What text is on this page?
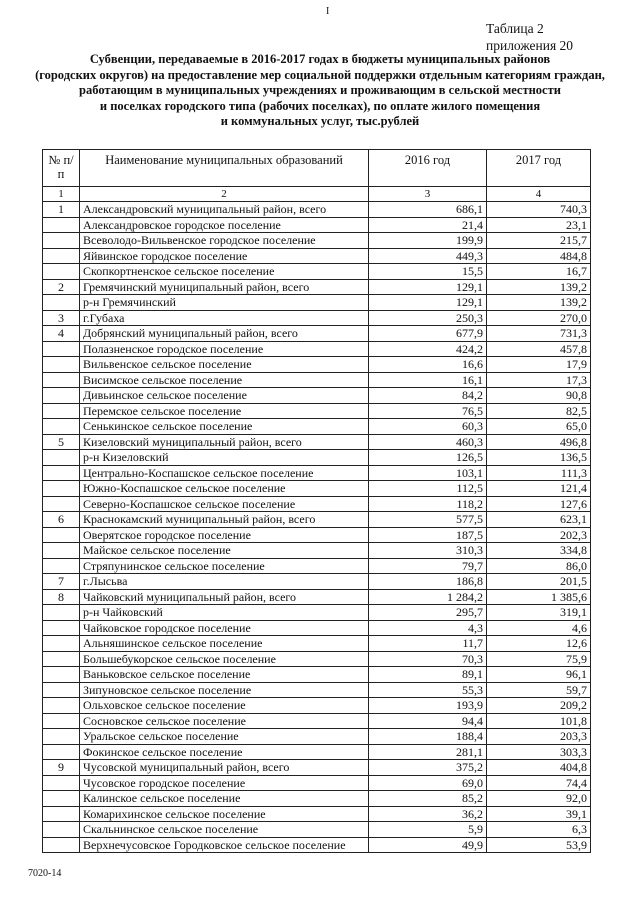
I
Таблица 2
приложения 20
Субвенции, передаваемые в 2016-2017 годах в бюджеты муниципальных районов
(городских округов) на предоставление мер социальной поддержки отдельным категориям граждан,
работающим в муниципальных учреждениях и проживающим в сельской местности
и поселках городского типа (рабочих поселках), по оплате жилого помещения
и коммунальных услуг, тыс.рублей
№ п/п	Наименование муниципальных образований	2016 год	2017 год
1	2	3	4
1	Александровский муниципальный район, всего	686,1	740,3
	Александровское городское поселение	21,4	23,1
	Всеволодо-Вильвенское городское поселение	199,9	215,7
	Яйвинское городское поселение	449,3	484,8
	Скопкортненское сельское поселение	15,5	16,7
2	Гремячинский муниципальный район, всего	129,1	139,2
	р-н Гремячинский	129,1	139,2
3	г.Губаха	250,3	270,0
4	Добрянский муниципальный район, всего	677,9	731,3
	Полазненское городское поселение	424,2	457,8
	Вильвенское сельское поселение	16,6	17,9
	Висимское сельское поселение	16,1	17,3
	Дивьинское сельское поселение	84,2	90,8
	Перемское сельское поселение	76,5	82,5
	Сенькинское сельское поселение	60,3	65,0
5	Кизеловский муниципальный район, всего	460,3	496,8
	р-н Кизеловский	126,5	136,5
	Центрально-Коспашское сельское поселение	103,1	111,3
	Южно-Коспашское сельское поселение	112,5	121,4
	Северно-Коспашское сельское поселение	118,2	127,6
6	Краснокамский муниципальный район, всего	577,5	623,1
	Оверятское городское поселение	187,5	202,3
	Майское сельское поселение	310,3	334,8
	Стряпунинское сельское поселение	79,7	86,0
7	г.Лысьва	186,8	201,5
8	Чайковский муниципальный район, всего	1 284,2	1 385,6
	р-н Чайковский	295,7	319,1
	Чайковское городское поселение	4,3	4,6
	Альняшинское сельское поселение	11,7	12,6
	Большебукорское сельское поселение	70,3	75,9
	Ваньковское сельское поселение	89,1	96,1
	Зипуновское сельское поселение	55,3	59,7
	Ольховское сельское поселение	193,9	209,2
	Сосновское сельское поселение	94,4	101,8
	Уральское сельское поселение	188,4	203,3
	Фокинское сельское поселение	281,1	303,3
9	Чусовской муниципальный район, всего	375,2	404,8
	Чусовское городское поселение	69,0	74,4
	Калинское сельское поселение	85,2	92,0
	Комарихинское сельское поселение	36,2	39,1
	Скальнинское сельское поселение	5,9	6,3
	Верхнечусовское Городковское сельское поселение	49,9	53,9
7020-14
